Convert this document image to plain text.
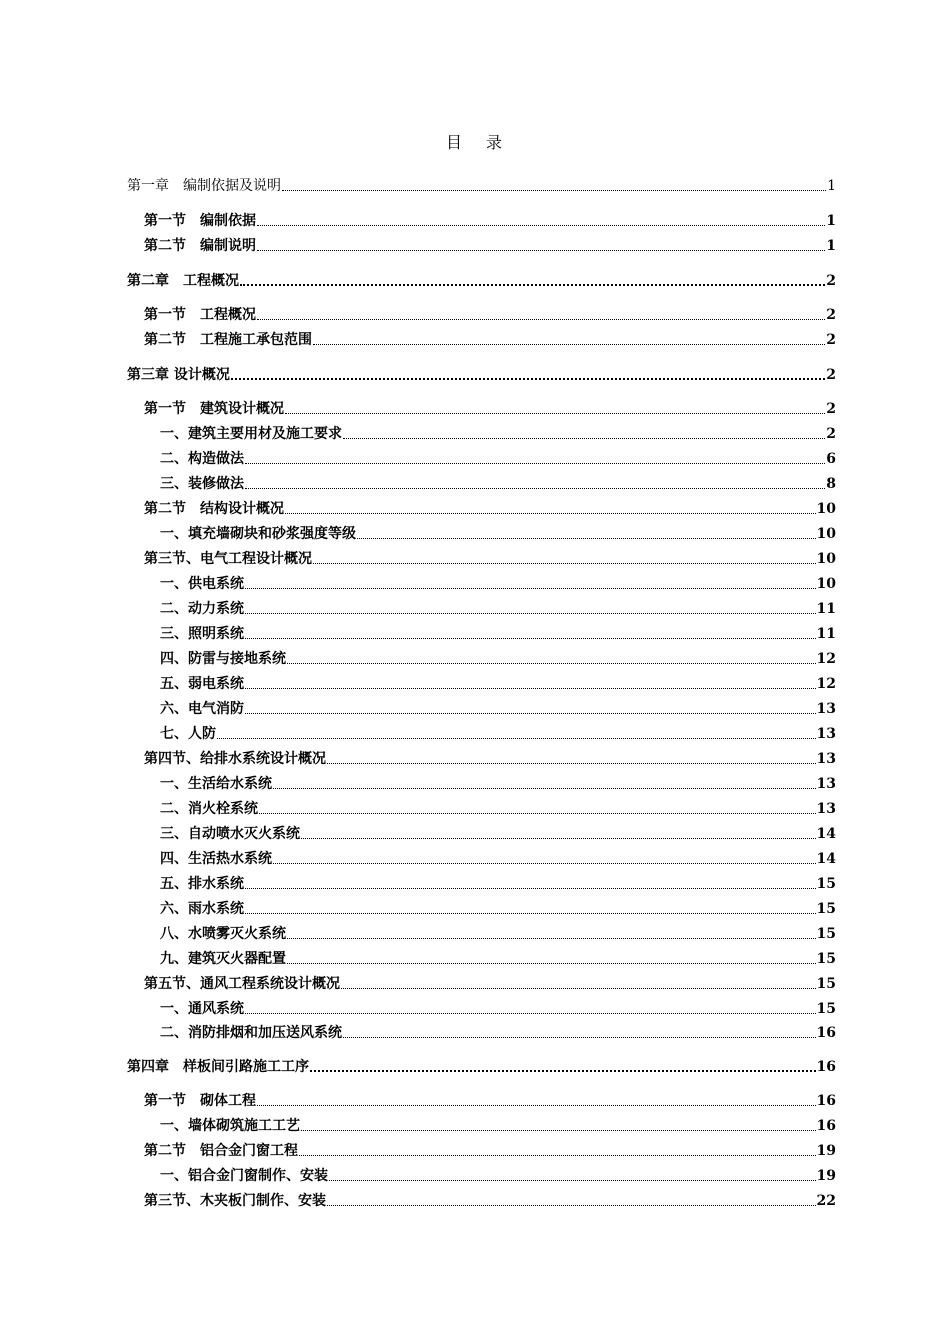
目 录
第一章　编制依据及说明	1
第一节　编制依据	1
第二节　编制说明	1
第二章　工程概况	2
第一节　工程概况	2
第二节　工程施工承包范围	2
第三章 设计概况	2
第一节　建筑设计概况	2
一、建筑主要用材及施工要求	2
二、构造做法	6
三、装修做法	8
第二节　结构设计概况	10
一、填充墙砌块和砂浆强度等级	10
第三节、电气工程设计概况	10
一、供电系统	10
二、动力系统	11
三、照明系统	11
四、防雷与接地系统	12
五、弱电系统	12
六、电气消防	13
七、人防	13
第四节、给排水系统设计概况	13
一、生活给水系统	13
二、消火栓系统	13
三、自动喷水灭火系统	14
四、生活热水系统	14
五、排水系统	15
六、雨水系统	15
八、水喷雾灭火系统	15
九、建筑灭火器配置	15
第五节、通风工程系统设计概况	15
一、通风系统	15
二、消防排烟和加压送风系统	16
第四章　样板间引路施工工序	16
第一节　砌体工程	16
一、墙体砌筑施工工艺	16
第二节　铝合金门窗工程	19
一、铝合金门窗制作、安装	19
第三节、木夹板门制作、安装	22
